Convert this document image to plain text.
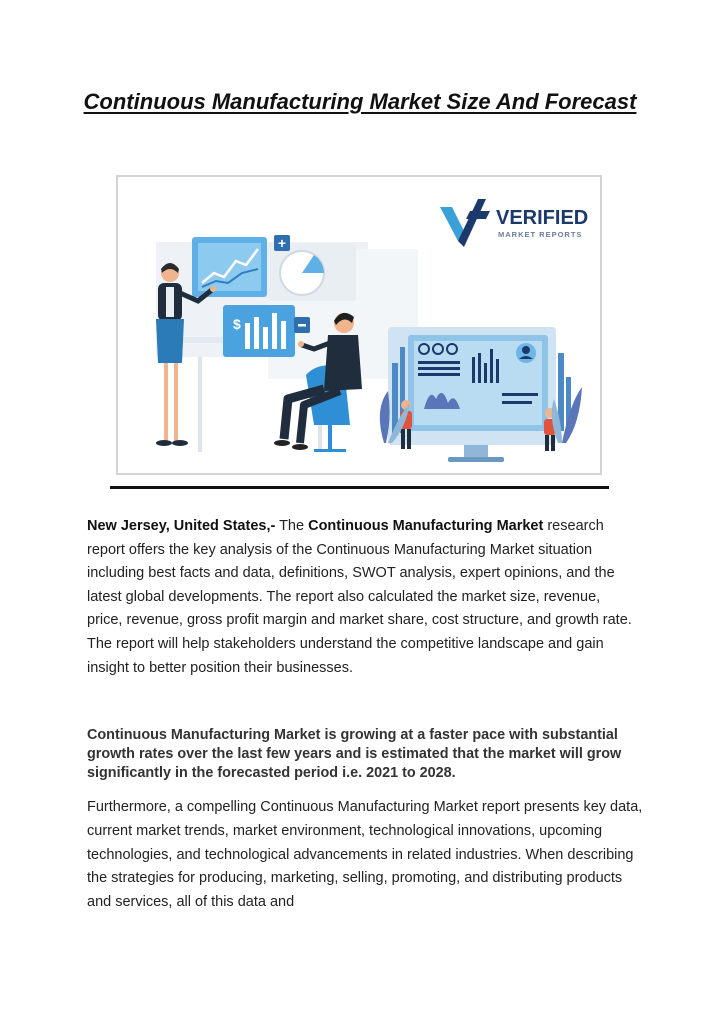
Continuous Manufacturing Market Size And Forecast
+
$
VERIFIED
MARKET REPORTS

New Jersey, United States,- The Continuous Manufacturing Market research report offers the key analysis of the Continuous Manufacturing Market situation including best facts and data, definitions, SWOT analysis, expert opinions, and the latest global developments. The report also calculated the market size, revenue, price, revenue, gross profit margin and market share, cost structure, and growth rate. The report will help stakeholders understand the competitive landscape and gain insight to better position their businesses.

Continuous Manufacturing Market is growing at a faster pace with substantial growth rates over the last few years and is estimated that the market will grow significantly in the forecasted period i.e. 2021 to 2028.

Furthermore, a compelling Continuous Manufacturing Market report presents key data, current market trends, market environment, technological innovations, upcoming technologies, and technological advancements in related industries. When describing the strategies for producing, marketing, selling, promoting, and distributing products and services, all of this data and
